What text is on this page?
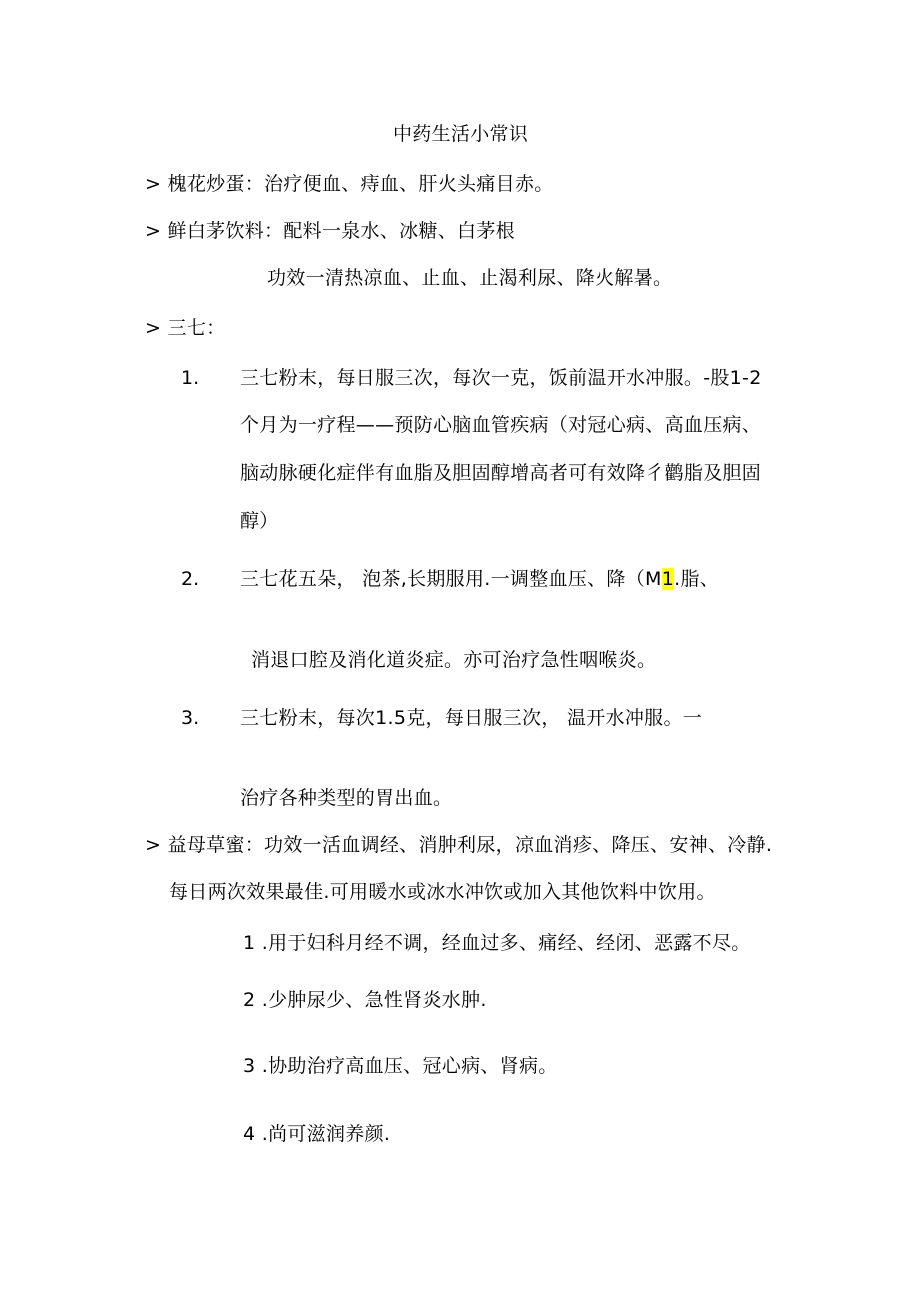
中药生活小常识
> 槐花炒蛋：治疗便血、痔血、肝火头痛目赤。
> 鲜白茅饮料：配料一泉水、冰糖、白茅根
功效一清热凉血、止血、止渴利尿、降火解暑。
> 三七：
1. 三七粉末，每日服三次，每次一克，饭前温开水冲服。-股1-2
个月为一疗程——预防心脑血管疾病（对冠心病、高血压病、
脑动脉硬化症伴有血脂及胆固醇增高者可有效降彳鹳脂及胆固
醇）
2. 三七花五朵， 泡茶,长期服用.一调整血压、降（M1.脂、
消退口腔及消化道炎症。亦可治疗急性咽喉炎。
3. 三七粉末，每次1.5克，每日服三次， 温开水冲服。一
治疗各种类型的胃出血。
> 益母草蜜：功效一活血调经、消肿利尿，凉血消疹、降压、安神、冷静.
每日两次效果最佳.可用暖水或冰水冲饮或加入其他饮料中饮用。
1 .用于妇科月经不调，经血过多、痛经、经闭、恶露不尽。
2 .少肿尿少、急性肾炎水肿.
3 .协助治疗高血压、冠心病、肾病。
4 .尚可滋润养颜.
